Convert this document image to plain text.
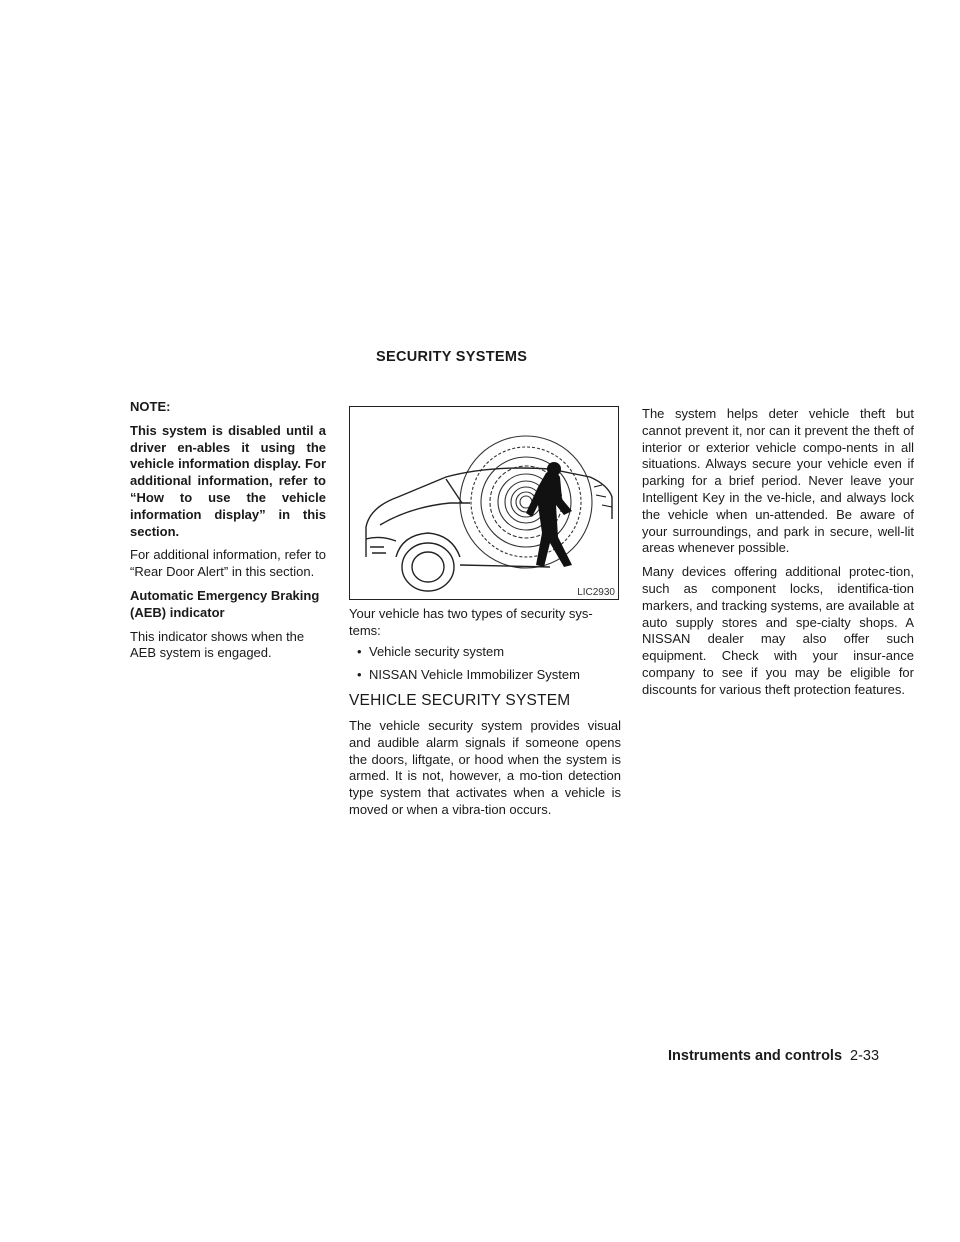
SECURITY SYSTEMS

NOTE:

This system is disabled until a driver en-ables it using the vehicle information display. For additional information, refer to “How to use the vehicle information display” in this section.

For additional information, refer to “Rear Door Alert” in this section.

Automatic Emergency Braking (AEB) indicator

This indicator shows when the AEB system is engaged.

LIC2930

Your vehicle has two types of security sys-tems:

• Vehicle security system
• NISSAN Vehicle Immobilizer System
VEHICLE SECURITY SYSTEM

The vehicle security system provides visual and audible alarm signals if someone opens the doors, liftgate, or hood when the system is armed. It is not, however, a mo-tion detection type system that activates when a vehicle is moved or when a vibra-tion occurs.

The system helps deter vehicle theft but cannot prevent it, nor can it prevent the theft of interior or exterior vehicle compo-nents in all situations. Always secure your vehicle even if parking for a brief period. Never leave your Intelligent Key in the ve-hicle, and always lock the vehicle when un-attended. Be aware of your surroundings, and park in secure, well-lit areas whenever possible.

Many devices offering additional protec-tion, such as component locks, identifica-tion markers, and tracking systems, are available at auto supply stores and spe-cialty shops. A NISSAN dealer may also offer such equipment. Check with your insur-ance company to see if you may be eligible for discounts for various theft protection features.

Instruments and controls 2-33
